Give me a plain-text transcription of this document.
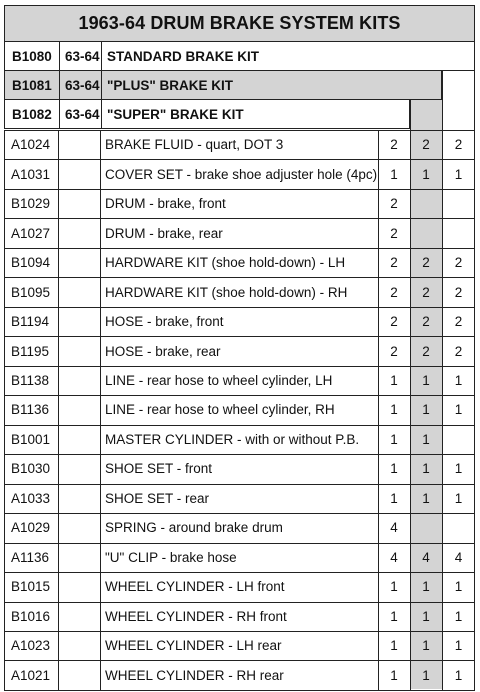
1963-64 DRUM BRAKE SYSTEM KITS
B1080 63-64 STANDARD BRAKE KIT
B1081 63-64 "PLUS" BRAKE KIT
B1082 63-64 "SUPER" BRAKE KIT
A1024	BRAKE FLUID - quart, DOT 3	2	2	2
A1031	COVER SET - brake shoe adjuster hole (4pc) 1	1	1
B1029	DRUM - brake, front	2
A1027	DRUM - brake, rear	2
B1094	HARDWARE KIT (shoe hold-down) - LH	2	2	2
B1095	HARDWARE KIT (shoe hold-down) - RH	2	2	2
B1194	HOSE - brake, front	2	2	2
B1195	HOSE - brake, rear	2	2	2
B1138	LINE - rear hose to wheel cylinder, LH	1	1	1
B1136	LINE - rear hose to wheel cylinder, RH	1	1	1
B1001	MASTER CYLINDER - with or without P.B.	1	1
B1030	SHOE SET - front	1	1	1
A1033	SHOE SET - rear	1	1	1
A1029	SPRING - around brake drum	4
A1136	"U" CLIP - brake hose	4	4	4
B1015	WHEEL CYLINDER - LH front	1	1	1
B1016	WHEEL CYLINDER - RH front	1	1	1
A1023	WHEEL CYLINDER - LH rear	1	1	1
A1021	WHEEL CYLINDER - RH rear	1	1	1
